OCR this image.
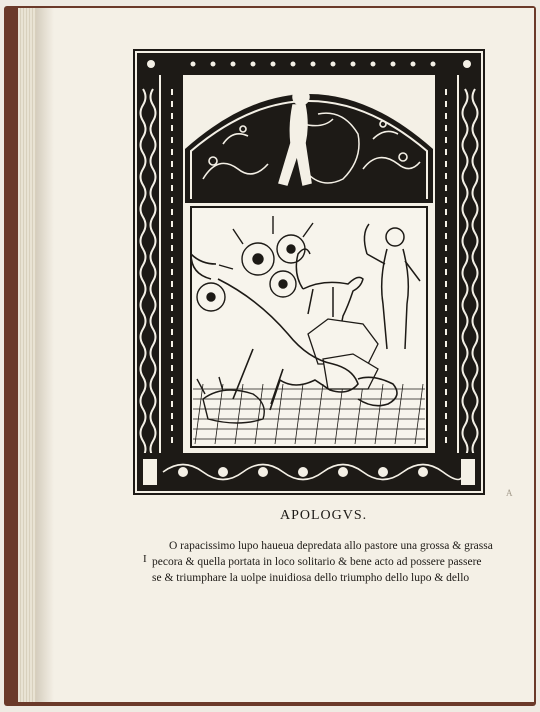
APOLOGVS.
I
O rapacissimo lupo haueua depredata allo pastore una grossa & grassa
pecora & quella portata in loco solitario & bene acto ad possere passere
se & triumphare la uolpe inuidiosa dello triumpho dello lupo & dello
A
